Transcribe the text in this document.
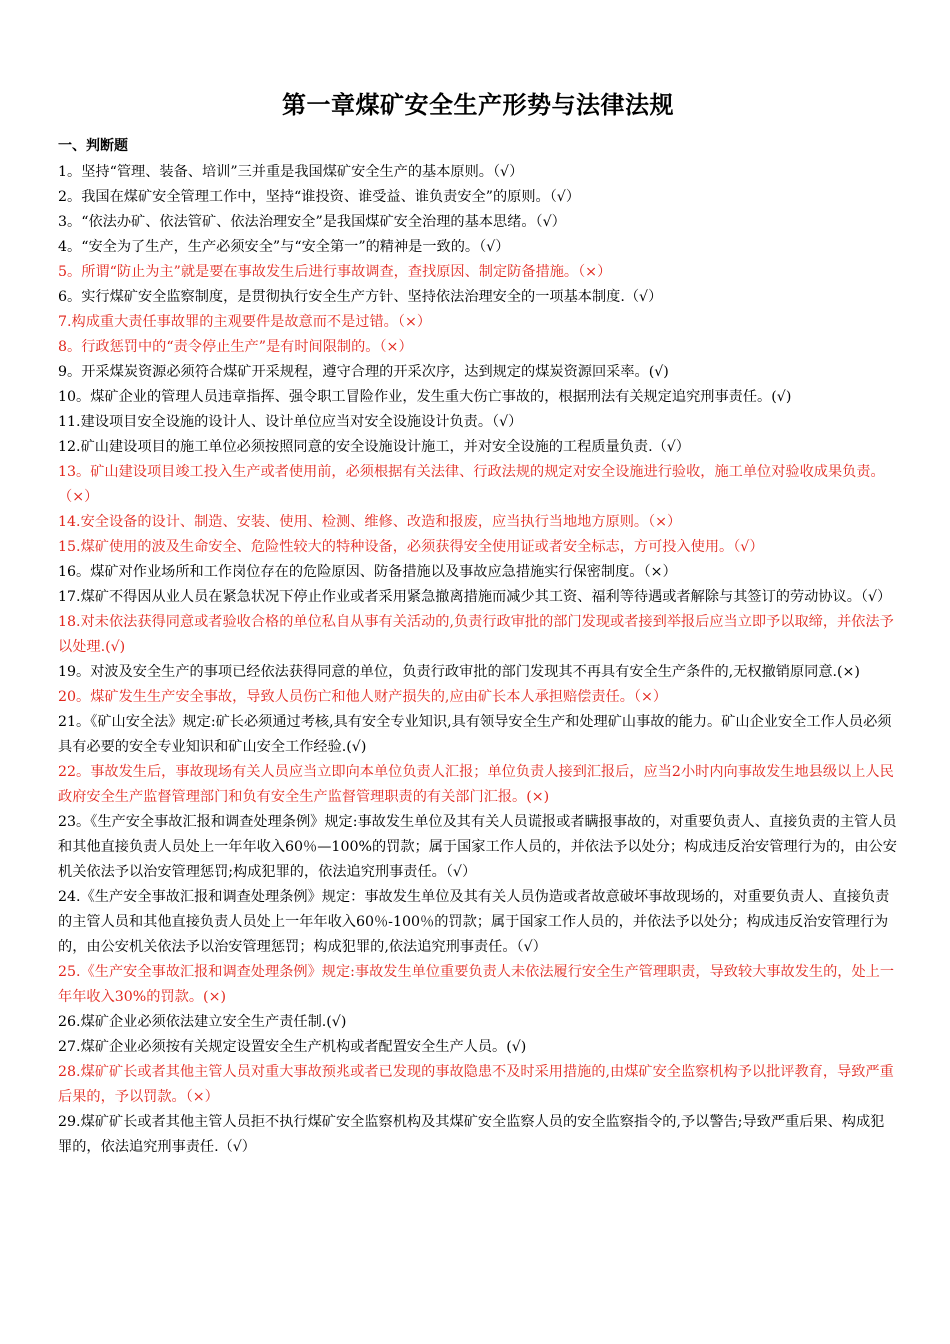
第一章煤矿安全生产形势与法律法规
一、判断题
1。坚持“管理、装备、培训”三并重是我国煤矿安全生产的基本原则。（√）
2。我国在煤矿安全管理工作中，坚持“谁投资、谁受益、谁负责安全”的原则。（√）
3。“依法办矿、依法管矿、依法治理安全”是我国煤矿安全治理的基本思绪。（√）
4。“安全为了生产，生产必须安全”与“安全第一”的精神是一致的。（√）
5。所谓“防止为主”就是要在事故发生后进行事故调查，查找原因、制定防备措施。（×）
6。实行煤矿安全监察制度，是贯彻执行安全生产方针、坚持依法治理安全的一项基本制度.（√）
7.构成重大责任事故罪的主观要件是故意而不是过错。（×）
8。行政惩罚中的“责令停止生产”是有时间限制的。（×）
9。开采煤炭资源必须符合煤矿开采规程，遵守合理的开采次序，达到规定的煤炭资源回采率。(√)
10。煤矿企业的管理人员违章指挥、强令职工冒险作业，发生重大伤亡事故的，根据刑法有关规定追究刑事责任。(√)
11.建设项目安全设施的设计人、设计单位应当对安全设施设计负责。（√）
12.矿山建设项目的施工单位必须按照同意的安全设施设计施工，并对安全设施的工程质量负责.（√）
13。矿山建设项目竣工投入生产或者使用前，必须根据有关法律、行政法规的规定对安全设施进行验收，施工单位对验收成果负责。（×）
14.安全设备的设计、制造、安装、使用、检测、维修、改造和报废，应当执行当地地方原则。（×）
15.煤矿使用的波及生命安全、危险性较大的特种设备，必须获得安全使用证或者安全标志，方可投入使用。（√）
16。煤矿对作业场所和工作岗位存在的危险原因、防备措施以及事故应急措施实行保密制度。（×）
17.煤矿不得因从业人员在紧急状况下停止作业或者采用紧急撤离措施而减少其工资、福利等待遇或者解除与其签订的劳动协议。（√）
18.对未依法获得同意或者验收合格的单位私自从事有关活动的,负责行政审批的部门发现或者接到举报后应当立即予以取缔，并依法予以处理.(√)
19。对波及安全生产的事项已经依法获得同意的单位，负责行政审批的部门发现其不再具有安全生产条件的,无权撤销原同意.(×)
20。煤矿发生生产安全事故，导致人员伤亡和他人财产损失的,应由矿长本人承担赔偿责任。（×）
21。《矿山安全法》规定:矿长必须通过考核,具有安全专业知识,具有领导安全生产和处理矿山事故的能力。矿山企业安全工作人员必须具有必要的安全专业知识和矿山安全工作经验.(√)
22。事故发生后，事故现场有关人员应当立即向本单位负责人汇报；单位负责人接到汇报后，应当2小时内向事故发生地县级以上人民政府安全生产监督管理部门和负有安全生产监督管理职责的有关部门汇报。(×)
23。《生产安全事故汇报和调查处理条例》规定:事故发生单位及其有关人员谎报或者瞒报事故的，对重要负责人、直接负责的主管人员和其他直接负责人员处上一年年收入60％—100%的罚款；属于国家工作人员的，并依法予以处分；构成违反治安管理行为的，由公安机关依法予以治安管理惩罚;构成犯罪的，依法追究刑事责任。（√）
24.《生产安全事故汇报和调查处理条例》规定：事故发生单位及其有关人员伪造或者故意破坏事故现场的，对重要负责人、直接负责的主管人员和其他直接负责人员处上一年年收入60％-100％的罚款；属于国家工作人员的，并依法予以处分；构成违反治安管理行为的，由公安机关依法予以治安管理惩罚；构成犯罪的,依法追究刑事责任。（√）
25.《生产安全事故汇报和调查处理条例》规定:事故发生单位重要负责人未依法履行安全生产管理职责，导致较大事故发生的，处上一年年收入30%的罚款。(×)
26.煤矿企业必须依法建立安全生产责任制.(√)
27.煤矿企业必须按有关规定设置安全生产机构或者配置安全生产人员。(√)
28.煤矿矿长或者其他主管人员对重大事故预兆或者已发现的事故隐患不及时采用措施的,由煤矿安全监察机构予以批评教育，导致严重后果的，予以罚款。（×）
29.煤矿矿长或者其他主管人员拒不执行煤矿安全监察机构及其煤矿安全监察人员的安全监察指令的,予以警告;导致严重后果、构成犯罪的，依法追究刑事责任.（√）
